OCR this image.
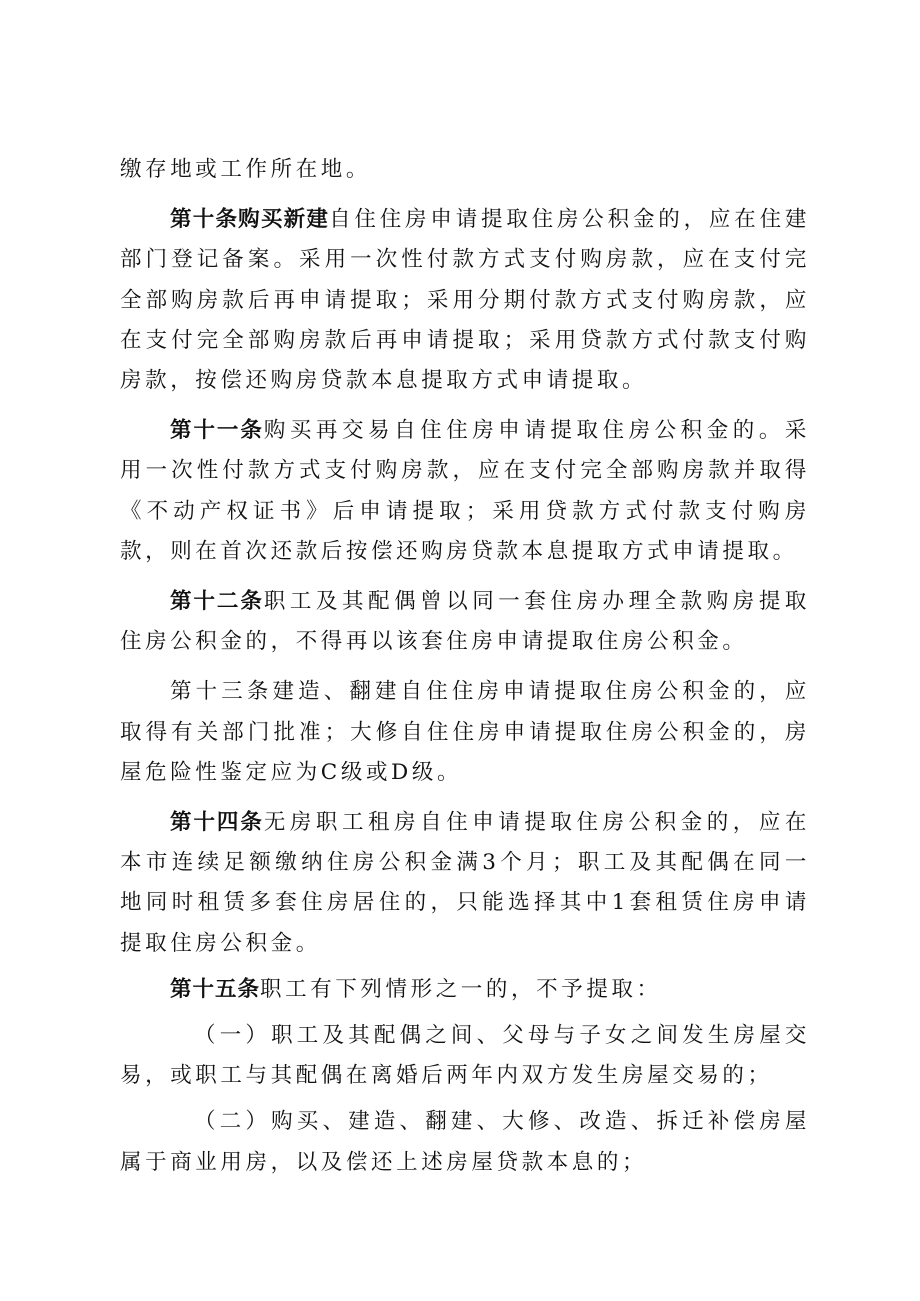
缴存地或工作所在地。

第十条购买新建自住住房申请提取住房公积金的，应在住建部门登记备案。采用一次性付款方式支付购房款，应在支付完全部购房款后再申请提取；采用分期付款方式支付购房款，应在支付完全部购房款后再申请提取；采用贷款方式付款支付购房款，按偿还购房贷款本息提取方式申请提取。

第十一条购买再交易自住住房申请提取住房公积金的。采用一次性付款方式支付购房款，应在支付完全部购房款并取得《不动产权证书》后申请提取；采用贷款方式付款支付购房款，则在首次还款后按偿还购房贷款本息提取方式申请提取。

第十二条职工及其配偶曾以同一套住房办理全款购房提取住房公积金的，不得再以该套住房申请提取住房公积金。

第十三条建造、翻建自住住房申请提取住房公积金的，应取得有关部门批准；大修自住住房申请提取住房公积金的，房屋危险性鉴定应为C级或D级。

第十四条无房职工租房自住申请提取住房公积金的，应在本市连续足额缴纳住房公积金满3个月；职工及其配偶在同一地同时租赁多套住房居住的，只能选择其中1套租赁住房申请提取住房公积金。

第十五条职工有下列情形之一的，不予提取：

（一）职工及其配偶之间、父母与子女之间发生房屋交易，或职工与其配偶在离婚后两年内双方发生房屋交易的；

（二）购买、建造、翻建、大修、改造、拆迁补偿房屋属于商业用房，以及偿还上述房屋贷款本息的；
